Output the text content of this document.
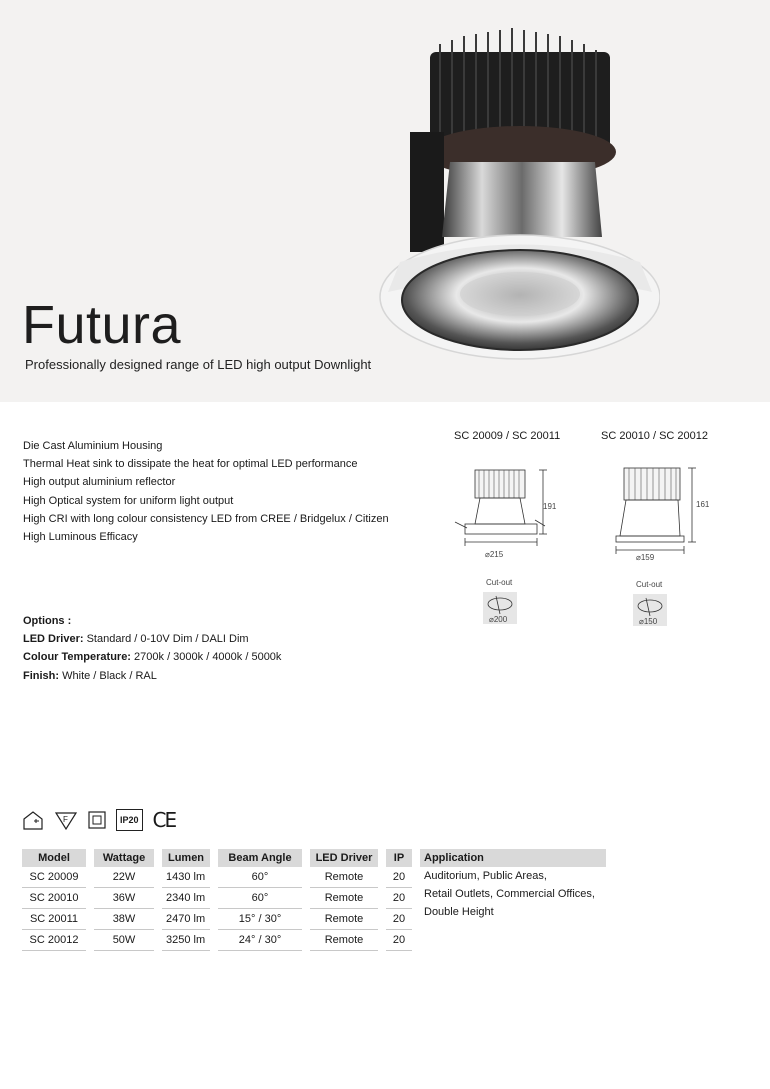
Futura
Professionally designed range of LED high output Downlight
Die Cast Aluminium Housing
Thermal Heat sink to dissipate the heat for optimal LED performance
High output aluminium reflector
High Optical system for uniform light output
High CRI with long colour consistency LED from CREE / Bridgelux / Citizen
High Luminous Efficacy
Options :
LED Driver: Standard / 0-10V Dim / DALI Dim
Colour Temperature: 2700k / 3000k / 4000k / 5000k
Finish: White / Black / RAL
SC 20009 / SC 20011	SC 20010 / SC 20012
191
⌀215
161
⌀159
Cut-out
⌀200
Cut-out
⌀150
F	IP20 CE
Model		Wattage		Lumen		Beam Angle		LED Driver		IP		Application
SC 20009		22W		1430 lm		60°		Remote		20		Auditorium, Public Areas,
Retail Outlets, Commercial Offices,
Double Height

SC 20010		36W		2340 lm		60°		Remote		20		
SC 20011		38W		2470 lm		15° / 30°		Remote		20		
SC 20012		50W		3250 lm		24° / 30°		Remote		20		
